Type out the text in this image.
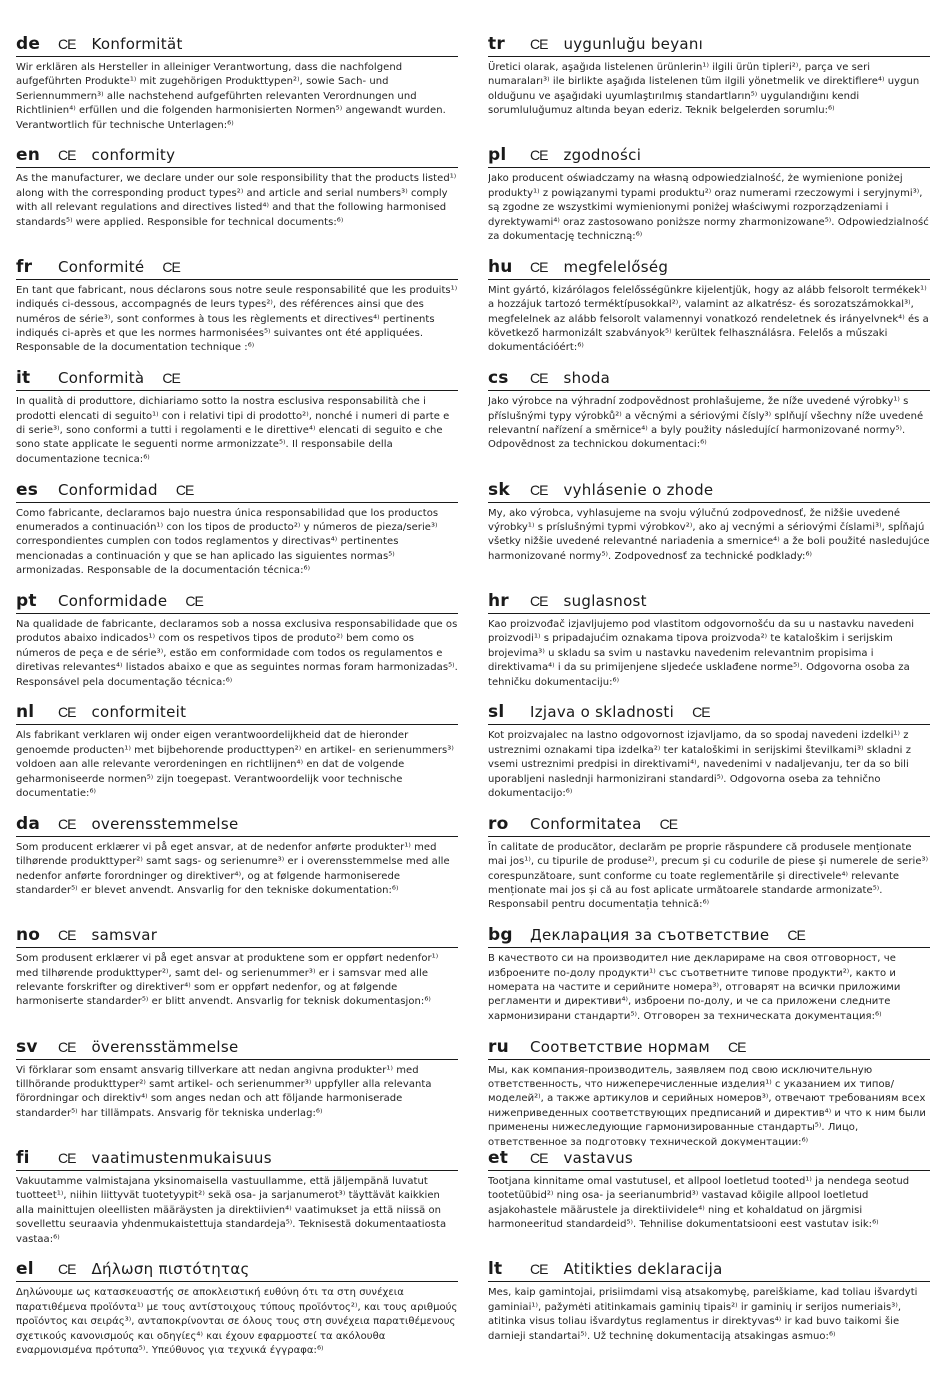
de	CE Konformität
Wir erklären als Hersteller in alleiniger Verantwortung, dass die nachfolgend aufgeführten Produkte¹⁾ mit zugehörigen Produkttypen²⁾, sowie Sach- und Seriennummern³⁾ alle nachstehend aufgeführten relevanten Verordnungen und Richtlinien⁴⁾ erfüllen und die folgenden harmonisierten Normen⁵⁾ angewandt wurden. Verantwortlich für technische Unterlagen:⁶⁾
en	CE conformity
As the manufacturer, we declare under our sole responsibility that the products listed¹⁾ along with the corresponding product types²⁾ and article and serial numbers³⁾ comply with all relevant regulations and directives listed⁴⁾ and that the following harmonised standards⁵⁾ were applied. Responsible for technical documents:⁶⁾
fr	Conformité CE
En tant que fabricant, nous déclarons sous notre seule responsabilité que les produits¹⁾ indiqués ci-dessous, accompagnés de leurs types²⁾, des références ainsi que des numéros de série³⁾, sont conformes à tous les règlements et directives⁴⁾ pertinents indiqués ci-après et que les normes harmonisées⁵⁾ suivantes ont été appliquées. Responsable de la documentation technique :⁶⁾
it	Conformità CE
In qualità di produttore, dichiariamo sotto la nostra esclusiva responsabilità che i prodotti elencati di seguito¹⁾ con i relativi tipi di prodotto²⁾, nonché i numeri di parte e di serie³⁾, sono conformi a tutti i regolamenti e le direttive⁴⁾ elencati di seguito e che sono state applicate le seguenti norme armonizzate⁵⁾. Il responsabile della documentazione tecnica:⁶⁾
es	Conformidad CE
Como fabricante, declaramos bajo nuestra única responsabilidad que los productos enumerados a continuación¹⁾ con los tipos de producto²⁾ y números de pieza/serie³⁾ correspondientes cumplen con todos reglamentos y directivas⁴⁾ pertinentes mencionadas a continuación y que se han aplicado las siguientes normas⁵⁾ armonizadas. Responsable de la documentación técnica:⁶⁾
pt	Conformidade CE
Na qualidade de fabricante, declaramos sob a nossa exclusiva responsabilidade que os produtos abaixo indicados¹⁾ com os respetivos tipos de produto²⁾ bem como os números de peça e de série³⁾, estão em conformidade com todos os regulamentos e diretivas relevantes⁴⁾ listados abaixo e que as seguintes normas foram harmonizadas⁵⁾. Responsável pela documentação técnica:⁶⁾
nl	CE conformiteit
Als fabrikant verklaren wij onder eigen verantwoordelijkheid dat de hieronder genoemde producten¹⁾ met bijbehorende producttypen²⁾ en artikel- en serienummers³⁾ voldoen aan alle relevante verordeningen en richtlijnen⁴⁾ en dat de volgende geharmoniseerde normen⁵⁾ zijn toegepast. Verantwoordelijk voor technische documentatie:⁶⁾
da	CE overensstemmelse
Som producent erklærer vi på eget ansvar, at de nedenfor anførte produkter¹⁾ med tilhørende produkttyper²⁾ samt sags- og serienumre³⁾ er i overensstemmelse med alle nedenfor anførte forordninger og direktiver⁴⁾, og at følgende harmoniserede standarder⁵⁾ er blevet anvendt. Ansvarlig for den tekniske dokumentation:⁶⁾
no	CE samsvar
Som produsent erklærer vi på eget ansvar at produktene som er oppført nedenfor¹⁾ med tilhørende produkttyper²⁾, samt del- og serienummer³⁾ er i samsvar med alle relevante forskrifter og direktiver⁴⁾ som er oppført nedenfor, og at følgende harmoniserte standarder⁵⁾ er blitt anvendt. Ansvarlig for teknisk dokumentasjon:⁶⁾
sv	CE överensstämmelse
Vi förklarar som ensamt ansvarig tillverkare att nedan angivna produkter¹⁾ med tillhörande produkttyper²⁾ samt artikel- och serienummer³⁾ uppfyller alla relevanta förordningar och direktiv⁴⁾ som anges nedan och att följande harmoniserade standarder⁵⁾ har tillämpats. Ansvarig för tekniska underlag:⁶⁾
fi	CE vaatimustenmukaisuus
Vakuutamme valmistajana yksinomaisella vastuullamme, että jäljempänä luvatut tuotteet¹⁾, niihin liittyvät tuotetyypit²⁾ sekä osa- ja sarjanumerot³⁾ täyttävät kaikkien alla mainittujen oleellisten määräysten ja direktiivien⁴⁾ vaatimukset ja että niissä on sovellettu seuraavia yhdenmukaistettuja standardeja⁵⁾. Teknisestä dokumentaatiosta vastaa:⁶⁾
el	CE Δήλωση πιστότητας
Δηλώνουμε ως κατασκευαστής σε αποκλειστική ευθύνη ότι τα στη συνέχεια παρατιθέμενα προϊόντα¹⁾ με τους αντίστοιχους τύπους προϊόντος²⁾, και τους αριθμούς προϊόντος και σειράς³⁾, ανταποκρίνονται σε όλους τους στη συνέχεια παρατιθέμενους σχετικούς κανονισμούς και οδηγίες⁴⁾ και έχουν εφαρμοστεί τα ακόλουθα εναρμονισμένα πρότυπα⁵⁾. Υπεύθυνος για τεχνικά έγγραφα:⁶⁾
tr	CE uygunluğu beyanı
Üretici olarak, aşağıda listelenen ürünlerin¹⁾ ilgili ürün tipleri²⁾, parça ve seri numaraları³⁾ ile birlikte aşağıda listelenen tüm ilgili yönetmelik ve direktiflere⁴⁾ uygun olduğunu ve aşağıdaki uyumlaştırılmış standartların⁵⁾ uygulandığını kendi sorumluluğumuz altında beyan ederiz. Teknik belgelerden sorumlu:⁶⁾
pl	CE zgodności
Jako producent oświadczamy na własną odpowiedzialność, że wymienione poniżej produkty¹⁾ z powiązanymi typami produktu²⁾ oraz numerami rzeczowymi i seryjnymi³⁾, są zgodne ze wszystkimi wymienionymi poniżej właściwymi rozporządzeniami i dyrektywami⁴⁾ oraz zastosowano poniższe normy zharmonizowane⁵⁾. Odpowiedzialność za dokumentację techniczną:⁶⁾
hu	CE megfelelőség
Mint gyártó, kizárólagos felelősségünkre kijelentjük, hogy az alább felsorolt termékek¹⁾ a hozzájuk tartozó terméktípusokkal²⁾, valamint az alkatrész- és sorozatszámokkal³⁾, megfelelnek az alább felsorolt valamennyi vonatkozó rendeletnek és irányelvnek⁴⁾ és a következő harmonizált szabványok⁵⁾ kerültek felhasználásra. Felelős a műszaki dokumentációért:⁶⁾
cs	CE shoda
Jako výrobce na výhradní zodpovědnost prohlašujeme, že níže uvedené výrobky¹⁾ s příslušnými typy výrobků²⁾ a věcnými a sériovými čísly³⁾ splňují všechny níže uvedené relevantní nařízení a směrnice⁴⁾ a byly použity následující harmonizované normy⁵⁾. Odpovědnost za technickou dokumentaci:⁶⁾
sk	CE vyhlásenie o zhode
My, ako výrobca, vyhlasujeme na svoju výlučnú zodpovednosť, že nižšie uvedené výrobky¹⁾ s príslušnými typmi výrobkov²⁾, ako aj vecnými a sériovými číslami³⁾, spĺňajú všetky nižšie uvedené relevantné nariadenia a smernice⁴⁾ a že boli použité nasledujúce harmonizované normy⁵⁾. Zodpovednosť za technické podklady:⁶⁾
hr	CE suglasnost
Kao proizvođač izjavljujemo pod vlastitom odgovornošću da su u nastavku navedeni proizvodi¹⁾ s pripadajućim oznakama tipova proizvoda²⁾ te kataloškim i serijskim brojevima³⁾ u skladu sa svim u nastavku navedenim relevantnim propisima i direktivama⁴⁾ i da su primijenjene sljedeće usklađene norme⁵⁾. Odgovorna osoba za tehničku dokumentaciju:⁶⁾
sl	Izjava o skladnosti CE
Kot proizvajalec na lastno odgovornost izjavljamo, da so spodaj navedeni izdelki¹⁾ z ustreznimi oznakami tipa izdelka²⁾ ter kataloškimi in serijskimi številkami³⁾ skladni z vsemi ustreznimi predpisi in direktivami⁴⁾, navedenimi v nadaljevanju, ter da so bili uporabljeni naslednji harmonizirani standardi⁵⁾. Odgovorna oseba za tehnično dokumentacijo:⁶⁾
ro	Conformitatea CE
În calitate de producător, declarăm pe proprie răspundere că produsele menționate mai jos¹⁾, cu tipurile de produse²⁾, precum și cu codurile de piese și numerele de serie³⁾ corespunzătoare, sunt conforme cu toate reglementările și directivele⁴⁾ relevante menționate mai jos și că au fost aplicate următoarele standarde armonizate⁵⁾. Responsabil pentru documentația tehnică:⁶⁾
bg	Декларация за съответствие CE
В качеството си на производител ние декларираме на своя отговорност, че изброените по-долу продукти¹⁾ със съответните типове продукти²⁾, както и номерата на частите и серийните номера³⁾, отговарят на всички приложими регламенти и директиви⁴⁾, изброени по-долу, и че са приложени следните хармонизирани стандарти⁵⁾. Отговорен за техническата документация:⁶⁾
ru	Соответствие нормам CE
Мы, как компания-производитель, заявляем под свою исключительную ответственность, что нижеперечисленные изделия¹⁾ с указанием их типов/моделей²⁾, а также артикулов и серийных номеров³⁾, отвечают требованиям всех нижеприведенных соответствующих предписаний и директив⁴⁾ и что к ним были применены нижеследующие гармонизированные стандарты⁵⁾. Лицо, ответственное за подготовку технической документации:⁶⁾
et	CE vastavus
Tootjana kinnitame omal vastutusel, et allpool loetletud tooted¹⁾ ja nendega seotud tootetüübid²⁾ ning osa- ja seerianumbrid³⁾ vastavad kõigile allpool loetletud asjakohastele määrustele ja direktiividele⁴⁾ ning et kohaldatud on järgmisi harmoneeritud standardeid⁵⁾. Tehnilise dokumentatsiooni eest vastutav isik:⁶⁾
lt	CE Atitikties deklaracija
Mes, kaip gamintojai, prisiimdami visą atsakomybę, pareiškiame, kad toliau išvardyti gaminiai¹⁾, pažymėti atitinkamais gaminių tipais²⁾ ir gaminių ir serijos numeriais³⁾, atitinka visus toliau išvardytus reglamentus ir direktyvas⁴⁾ ir kad buvo taikomi šie darnieji standartai⁵⁾. Už techninę dokumentaciją atsakingas asmuo:⁶⁾
